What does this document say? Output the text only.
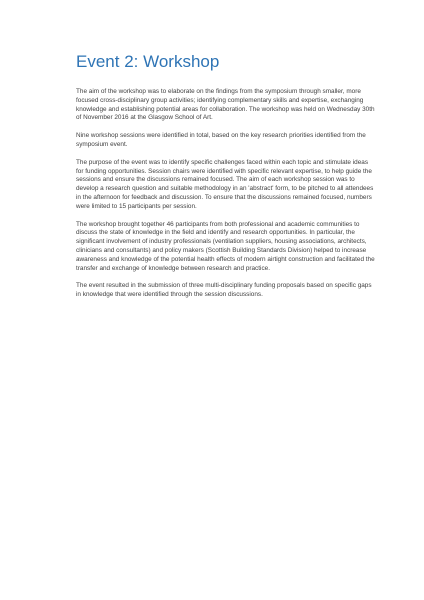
Event 2: Workshop

The aim of the workshop was to elaborate on the findings from the symposium through smaller, more focused cross-disciplinary group activities; identifying complementary skills and expertise, exchanging knowledge and establishing potential areas for collaboration. The workshop was held on Wednesday 30th of November 2016 at the Glasgow School of Art.

Nine workshop sessions were identified in total, based on the key research priorities identified from the symposium event.

The purpose of the event was to identify specific challenges faced within each topic and stimulate ideas for funding opportunities. Session chairs were identified with specific relevant expertise, to help guide the sessions and ensure the discussions remained focused. The aim of each workshop session was to develop a research question and suitable methodology in an 'abstract' form, to be pitched to all attendees in the afternoon for feedback and discussion. To ensure that the discussions remained focused, numbers were limited to 15 participants per session.

The workshop brought together 46 participants from both professional and academic communities to discuss the state of knowledge in the field and identify and research opportunities. In particular, the significant involvement of industry professionals (ventilation suppliers, housing associations, architects, clinicians and consultants) and policy makers (Scottish Building Standards Division) helped to increase awareness and knowledge of the potential health effects of modern airtight construction and facilitated the transfer and exchange of knowledge between research and practice.

The event resulted in the submission of three multi-disciplinary funding proposals based on specific gaps in knowledge that were identified through the session discussions.
